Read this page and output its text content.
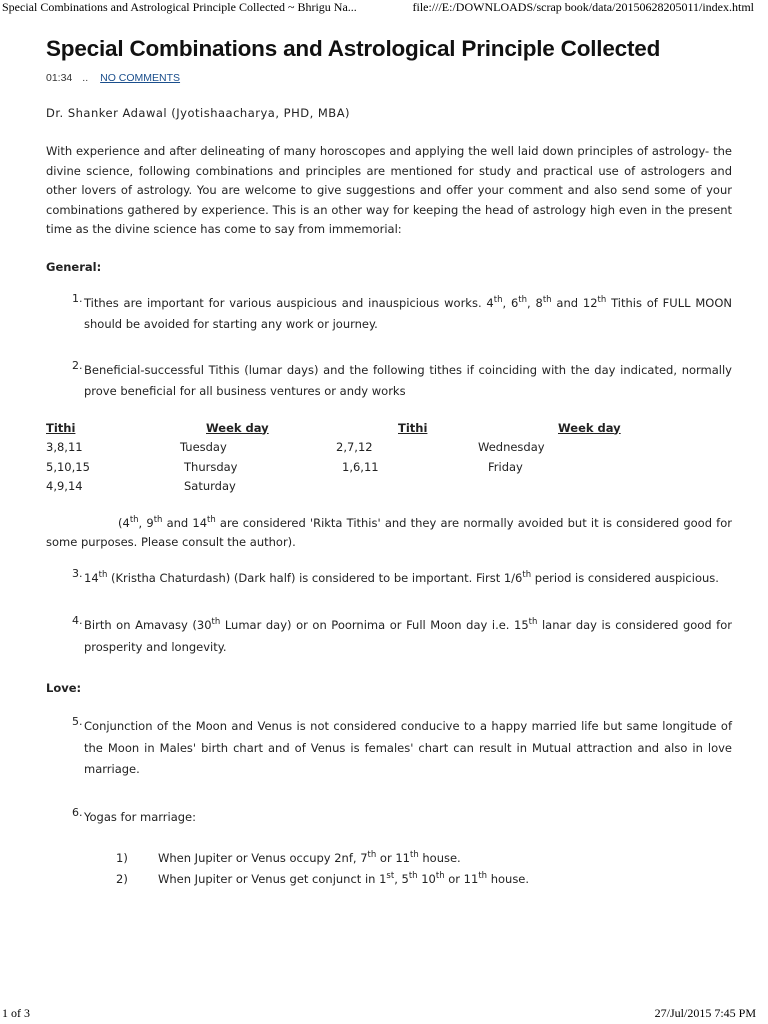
Special Combinations and Astrological Principle Collected ~ Bhrigu Na...	file:///E:/DOWNLOADS/scrap book/data/20150628205011/index.html
Special Combinations and Astrological Principle Collected
01:34 .. NO COMMENTS
Dr. Shanker Adawal (Jyotishaacharya, PHD, MBA)

With experience and after delineating of many horoscopes and applying the well laid down principles of astrology- the divine science, following combinations and principles are mentioned for study and practical use of astrologers and other lovers of astrology. You are welcome to give suggestions and offer your comment and also send some of your combinations gathered by experience. This is an other way for keeping the head of astrology high even in the present time as the divine science has come to say from immemorial:

General:
1. Tithes are important for various auspicious and inauspicious works. 4th, 6th, 8th and 12th Tithis of FULL MOON should be avoided for starting any work or journey.
2. Beneficial-successful Tithis (lumar days) and the following tithes if coinciding with the day indicated, normally prove beneficial for all business ventures or andy works
Tithi	Week day	Tithi	Week day
3,8,11	Tuesday	2,7,12	Wednesday
5,10,15	Thursday	1,6,11	Friday
4,9,14	Saturday
(4th, 9th and 14th are considered 'Rikta Tithis' and they are normally avoided but it is considered good for some purposes. Please consult the author).
3. 14th (Kristha Chaturdash) (Dark half) is considered to be important. First 1/6th period is considered auspicious.
4. Birth on Amavasy (30th Lumar day) or on Poornima or Full Moon day i.e. 15th lanar day is considered good for prosperity and longevity.
Love:
5. Conjunction of the Moon and Venus is not considered conducive to a happy married life but same longitude of the Moon in Males' birth chart and of Venus is females' chart can result in Mutual attraction and also in love marriage.
6. Yogas for marriage:
1)	When Jupiter or Venus occupy 2nf, 7th or 11th house.
2)	When Jupiter or Venus get conjunct in 1st, 5th 10th or 11th house.
1 of 3	27/Jul/2015 7:45 PM
